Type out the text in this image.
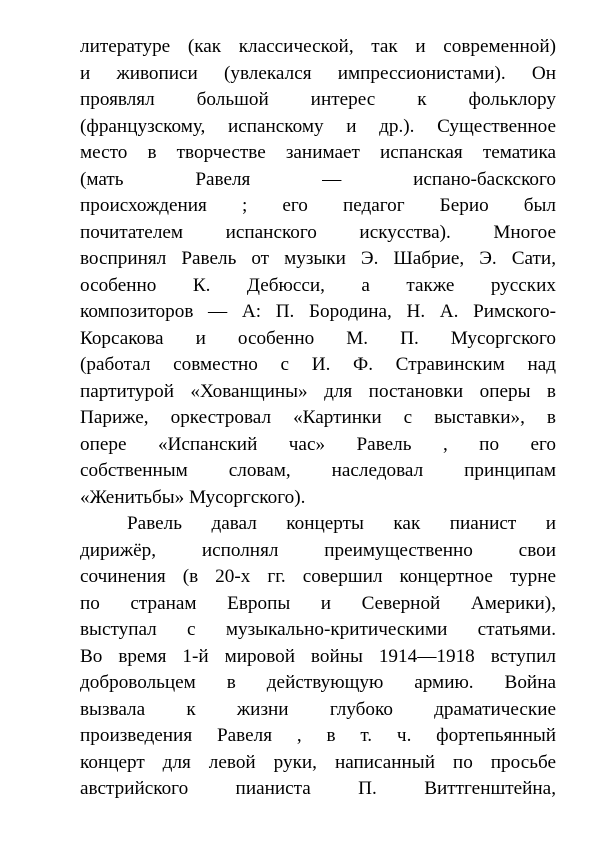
литературе (как классической, так и современной)
и живописи (увлекался импрессионистами). Он
проявлял большой интерес к фольклору
(французскому, испанскому и др.). Существенное
место в творчестве занимает испанская тематика
(мать Равеля — испано-баскского
происхождения ; его педагог Берио был
почитателем испанского искусства). Многое
воспринял Равель от музыки Э. Шабрие, Э. Сати,
особенно К. Дебюсси, а также русских
композиторов — А: П. Бородина, Н. А. Римского-
Корсакова и особенно М. П. Мусоргского
(работал совместно с И. Ф. Стравинским над
партитурой «Хованщины» для постановки оперы в
Париже, оркестровал «Картинки с выставки», в
опере «Испанский час» Равель , по его
собственным словам, наследовал принципам
«Женитьбы» Мусоргского).
Равель давал концерты как пианист и
дирижёр, исполнял преимущественно свои
сочинения (в 20-х гг. совершил концертное турне
по странам Европы и Северной Америки),
выступал с музыкально-критическими статьями.
Во время 1-й мировой войны 1914—1918 вступил
добровольцем в действующую армию. Война
вызвала к жизни глубоко драматические
произведения Равеля , в т. ч. фортепьянный
концерт для левой руки, написанный по просьбе
австрийского пианиста П. Виттгенштейна,
